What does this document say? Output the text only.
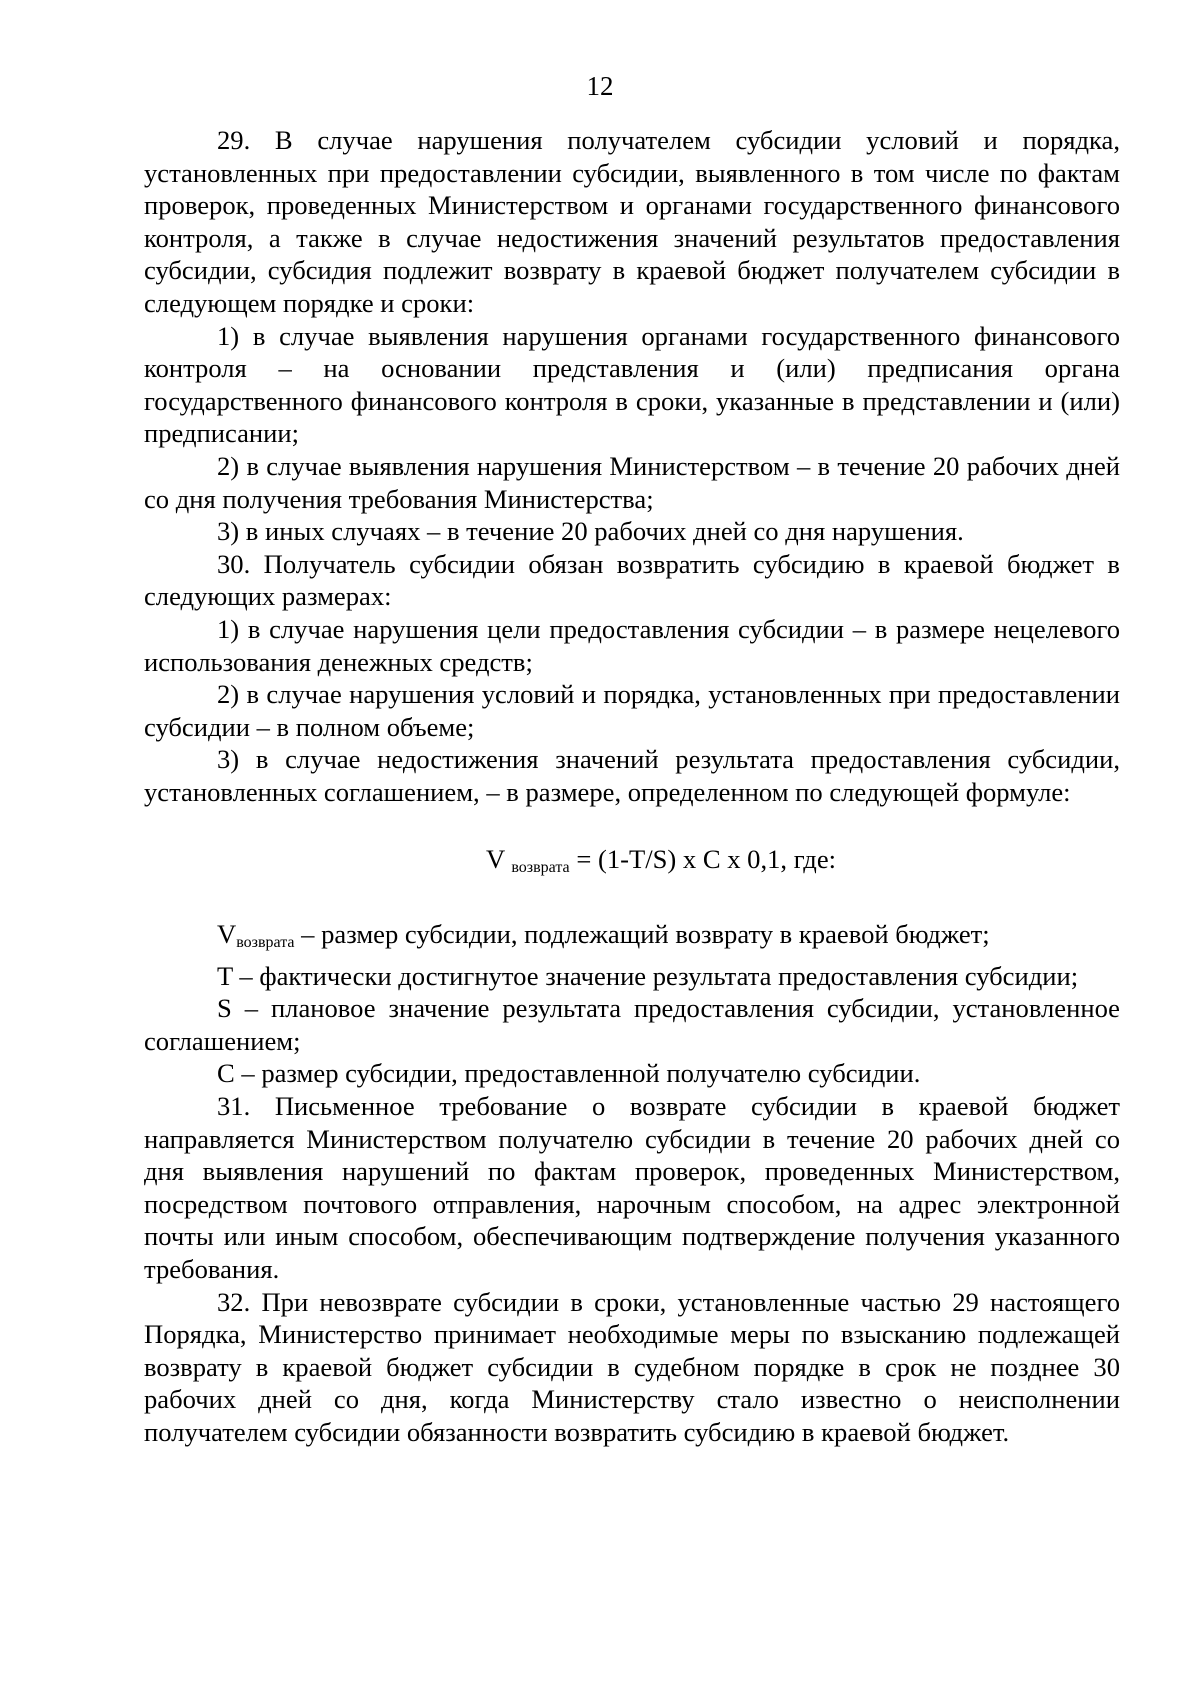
12

29. В случае нарушения получателем субсидии условий и порядка, установленных при предоставлении субсидии, выявленного в том числе по фактам проверок, проведенных Министерством и органами государственного финансового контроля, а также в случае недостижения значений результатов предоставления субсидии, субсидия подлежит возврату в краевой бюджет получателем субсидии в следующем порядке и сроки:

1) в случае выявления нарушения органами государственного финансового контроля – на основании представления и (или) предписания органа государственного финансового контроля в сроки, указанные в представлении и (или) предписании;

2) в случае выявления нарушения Министерством – в течение 20 рабочих дней со дня получения требования Министерства;

3) в иных случаях – в течение 20 рабочих дней со дня нарушения.

30. Получатель субсидии обязан возвратить субсидию в краевой бюджет в следующих размерах:

1) в случае нарушения цели предоставления субсидии – в размере нецелевого использования денежных средств;

2) в случае нарушения условий и порядка, установленных при предоставлении субсидии – в полном объеме;

3) в случае недостижения значений результата предоставления субсидии, установленных соглашением, – в размере, определенном по следующей формуле:

V $_{возврата}$ = (1-T/S) x C x 0,1, где:

Vвозврата – размер субсидии, подлежащий возврату в краевой бюджет;

T – фактически достигнутое значение результата предоставления субсидии;

S – плановое значение результата предоставления субсидии, установленное соглашением;

C – размер субсидии, предоставленной получателю субсидии.

31. Письменное требование о возврате субсидии в краевой бюджет направляется Министерством получателю субсидии в течение 20 рабочих дней со дня выявления нарушений по фактам проверок, проведенных Министерством, посредством почтового отправления, нарочным способом, на адрес электронной почты или иным способом, обеспечивающим подтверждение получения указанного требования.

32. При невозврате субсидии в сроки, установленные частью 29 настоящего Порядка, Министерство принимает необходимые меры по взысканию подлежащей возврату в краевой бюджет субсидии в судебном порядке в срок не позднее 30 рабочих дней со дня, когда Министерству стало известно о неисполнении получателем субсидии обязанности возвратить субсидию в краевой бюджет.
